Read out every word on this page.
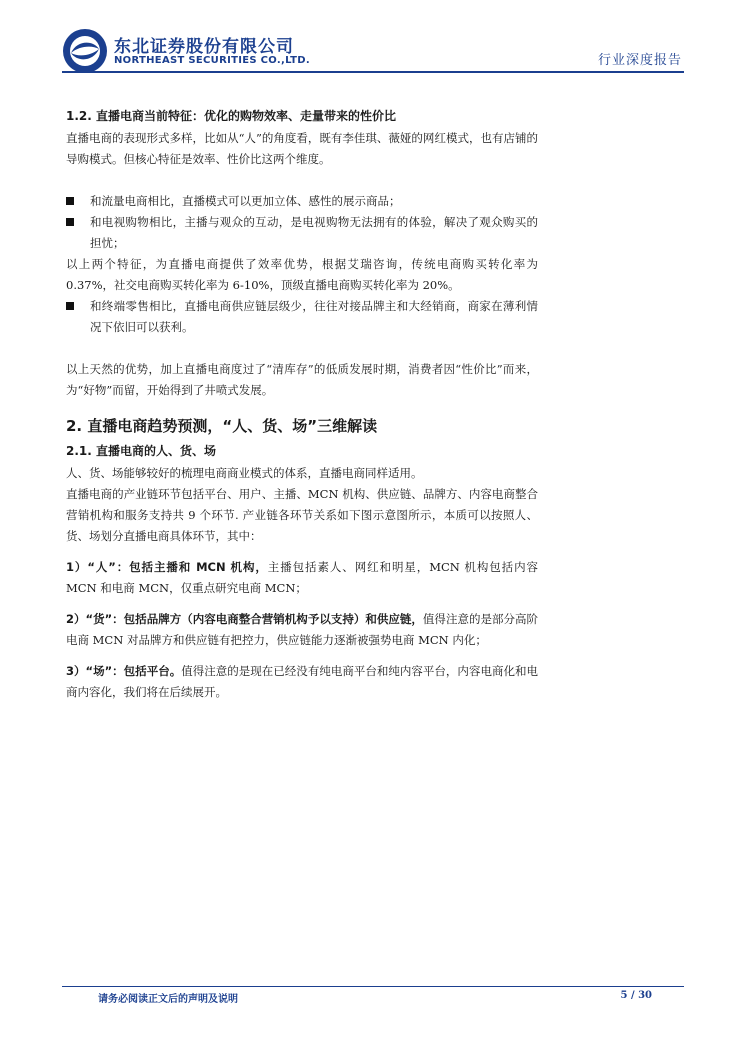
东北证券股份有限公司
NORTHEAST SECURITIES CO.,LTD.	行业深度报告

1.2. 直播电商当前特征：优化的购物效率、走量带来的性价比

直播电商的表现形式多样，比如从“人”的角度看，既有李佳琪、薇娅的网红模式，也有店铺的导购模式。但核心特征是效率、性价比这两个维度。

和流量电商相比，直播模式可以更加立体、感性的展示商品；

和电视购物相比，主播与观众的互动，是电视购物无法拥有的体验，解决了观众购买的担忧；

以上两个特征，为直播电商提供了效率优势，根据艾瑞咨询，传统电商购买转化率为 0.37%，社交电商购买转化率为 6-10%，顶级直播电商购买转化率为 20%。

和终端零售相比，直播电商供应链层级少，往往对接品牌主和大经销商，商家在薄利情况下依旧可以获利。

以上天然的优势，加上直播电商度过了“清库存”的低质发展时期，消费者因“性价比”而来，为“好物”而留，开始得到了井喷式发展。

2. 直播电商趋势预测，“人、货、场”三维解读

2.1. 直播电商的人、货、场

人、货、场能够较好的梳理电商商业模式的体系，直播电商同样适用。

直播电商的产业链环节包括平台、用户、主播、MCN 机构、供应链、品牌方、内容电商整合营销机构和服务支持共 9 个环节. 产业链各环节关系如下图示意图所示，本质可以按照人、货、场划分直播电商具体环节，其中：

1）“人”：包括主播和 MCN 机构，主播包括素人、网红和明星，MCN 机构包括内容 MCN 和电商 MCN，仅重点研究电商 MCN；

2）“货”：包括品牌方（内容电商整合营销机构予以支持）和供应链，值得注意的是部分高阶电商 MCN 对品牌方和供应链有把控力，供应链能力逐渐被强势电商 MCN 内化；

3）“场”：包括平台。值得注意的是现在已经没有纯电商平台和纯内容平台，内容电商化和电商内容化，我们将在后续展开。

请务必阅读正文后的声明及说明	5 / 30
